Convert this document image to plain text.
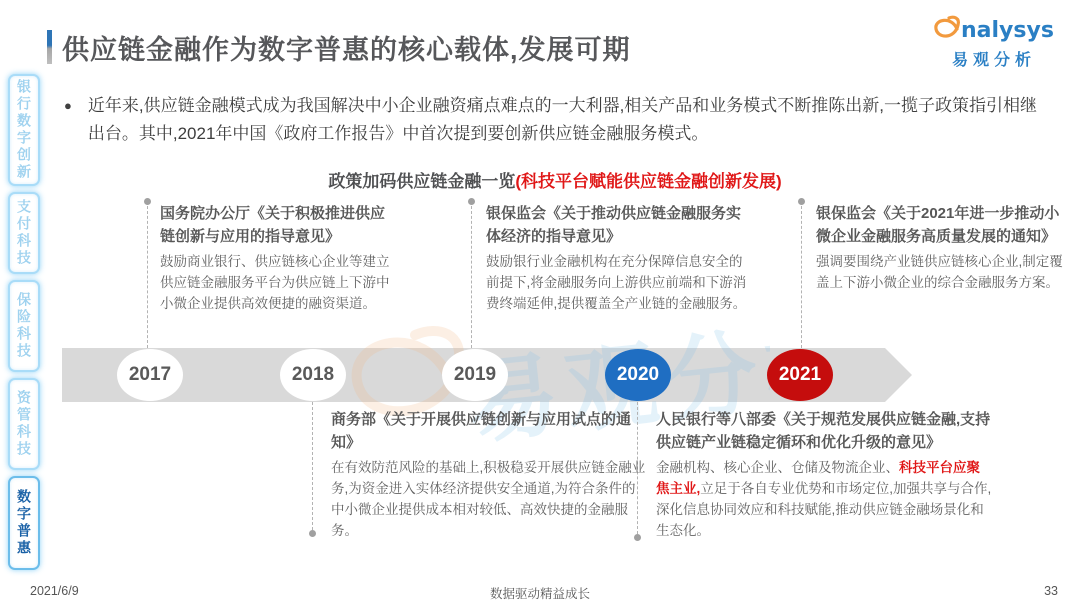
银行数字创新
支付科技
保险科技
资管科技
数字普惠
供应链金融作为数字普惠的核心载体,发展可期
nalysys
易观分析
● 近年来,供应链金融模式成为我国解决中小企业融资痛点难点的一大利器,相关产品和业务模式不断推陈出新,一揽子政策指引相继出台。其中,2021年中国《政府工作报告》中首次提到要创新供应链金融服务模式。
政策加码供应链金融一览(科技平台赋能供应链金融创新发展)
2017	2018	2019	2020	2021
国务院办公厅《关于积极推进供应链创新与应用的指导意见》
鼓励商业银行、供应链核心企业等建立供应链金融服务平台为供应链上下游中小微企业提供高效便捷的融资渠道。
银保监会《关于推动供应链金融服务实体经济的指导意见》
鼓励银行业金融机构在充分保障信息安全的前提下,将金融服务向上游供应前端和下游消费终端延伸,提供覆盖全产业链的金融服务。
银保监会《关于2021年进一步推动小微企业金融服务高质量发展的通知》
强调要围绕产业链供应链核心企业,制定覆盖上下游小微企业的综合金融服务方案。
商务部《关于开展供应链创新与应用试点的通知》
在有效防范风险的基础上,积极稳妥开展供应链金融业务,为资金进入实体经济提供安全通道,为符合条件的中小微企业提供成本相对较低、高效快捷的金融服务。
人民银行等八部委《关于规范发展供应链金融,支持供应链产业链稳定循环和优化升级的意见》
金融机构、核心企业、仓储及物流企业、科技平台应聚焦主业,立足于各自专业优势和市场定位,加强共享与合作,深化信息协同效应和科技赋能,推动供应链金融场景化和生态化。
2021/6/9	数据驱动精益成长	33
